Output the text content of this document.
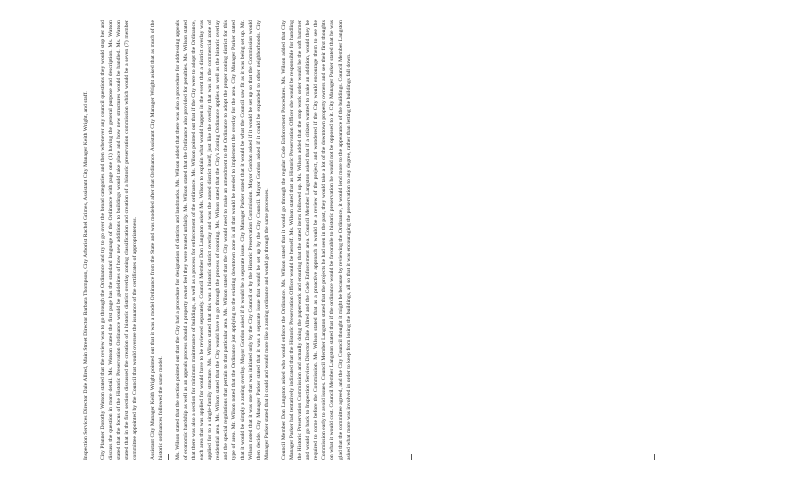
Inspection Services Director Dale Allred, Main Street Director Barbara Thompson, City Arborist Rachel Grimes, Assistant City Manager Keith Wright, and staff. City Planner Dorothy Watson stated that the review was to go through the Ordinance and try to go over the broad categories and then whenever any council questions they would stop her and discuss the question in more detail. Ms. Watson stated the first page has the standard language of the Ordinance with page one (1) having the general purpose and description. Ms. Watson stated that the focus of the Historic Preservation Ordinance would be guidelines of how new additions to buildings would take place and how new structures would be handled. Ms. Watson stated that in the first section discussed the creation of a historic district overlay zoning classification and creation of a historic preservation commission which would be a seven (7) member committee appointed by the Council that would oversee the issuance of the certificates of appropriateness. Assistant City Manager Keith Wright pointed out that it was a model Ordinance from the State and was modeled after that Ordinance. Assistant City Manager Wright asked that as much of the historic ordinances followed the same model. Ms. Wilson stated that the section pointed out that the City had a procedure for designation of districts and landmarks. Ms. Wilson added that there was also a procedure for addressing appeals of economic hardship as well as an appeals process should a property owner feel they were treated unfairly. Ms. Wilson stated that the Ordinance also provided for penalties. Ms. Wilson stated that there was also a section for minimum maintenance of buildings, as well as a process for enforcement of the ordinance. Ms. Wilson pointed out that if the City were to adopt the Ordinance, each area that was applied for would have to be reviewed separately. Council Member Don Langston asked Ms. Wilson to explain what would happen in the event that a district overlay was applied for to a single-family structure. Ms. Wilson stated that this was a historic district overlay and was the zoned district itself, just like the overlay that was in the commercial zone of residential area. Ms. Wilson stated that the City would have to go through the process of rezoning. Ms. Wilson stated that the City's Zoning Ordinance applies as well as the historic overlay and the special regulations that pertain to that particular area. Ms. Wilson stated that the City would need to make an amendment to the Ordinance to adopt the proper zoning district for this type of area. Mr. Wilson noted that the Ordinance just applying to the existing downtown zone is all that would be needed to implement the overlay for the area. City Manager Parker stated that it would be simply a zoning overlay. Mayor Gordon asked if it would be a separate issue. City Manager Parker stated that it would be what the Council saw fit as it was being set up. Mr. Wilson noted that it was one that was initiated only by the City Council or by the Historic Preservation Commission. Mayor Gordon asked if it would be set up so that the Commission would then decide. City Manager Parker stated that it was a separate issue that would be set up by the City Council. Mayor Gordon asked if it could be expanded to other neighborhoods. City Manager Parker stated that it could and would more like a zoning ordinance and would go through the same processes. Council Member Don Langston asked who would enforce the Ordinance. Ms. Wilson stated that it would go through the regular Code Enforcement Procedures. Ms. Wilson added that City Manager Parker had tentatively indicated that the Historic Preservation Officer would be herself. Ms. Wilson stated that as Historic Preservation Officer she would be responsible for handling the Historic Preservation Commission and actually doing the paperwork and ensuring that the stated items followed up. Ms. Wilson added that the stop work order would be the soft hammer and would go back to Inspection Services Director Dale Allred and the Code Enforcement area. Council Member Langston asked that if a citizen wanted to make an addition, would they be required to come before the Commission. Ms. Wilson stated that as a proactive approach it would be a review of the project, and wondered if the City would encourage them to see the Commission early to avoid issues. Council Member Langston stated that the projects he had seen in the past, they would take a lot of the downtown property owners and see their first thoughts on what it would cost. Council Member Langston stated that if the ordinance would be favorable to historic preservation he would not be opposed to it. City Manager Parker stated that he was glad that the committee agreed, and the City Council thought it might be because by reviewing the Ordinance, it would lend more to the appearance of the buildings. Council Member Langston asked what more was involved in order to keep from losing the buildings, all so that it was encouraging the preservation to any degree, rather than letting the buildings fall down.
